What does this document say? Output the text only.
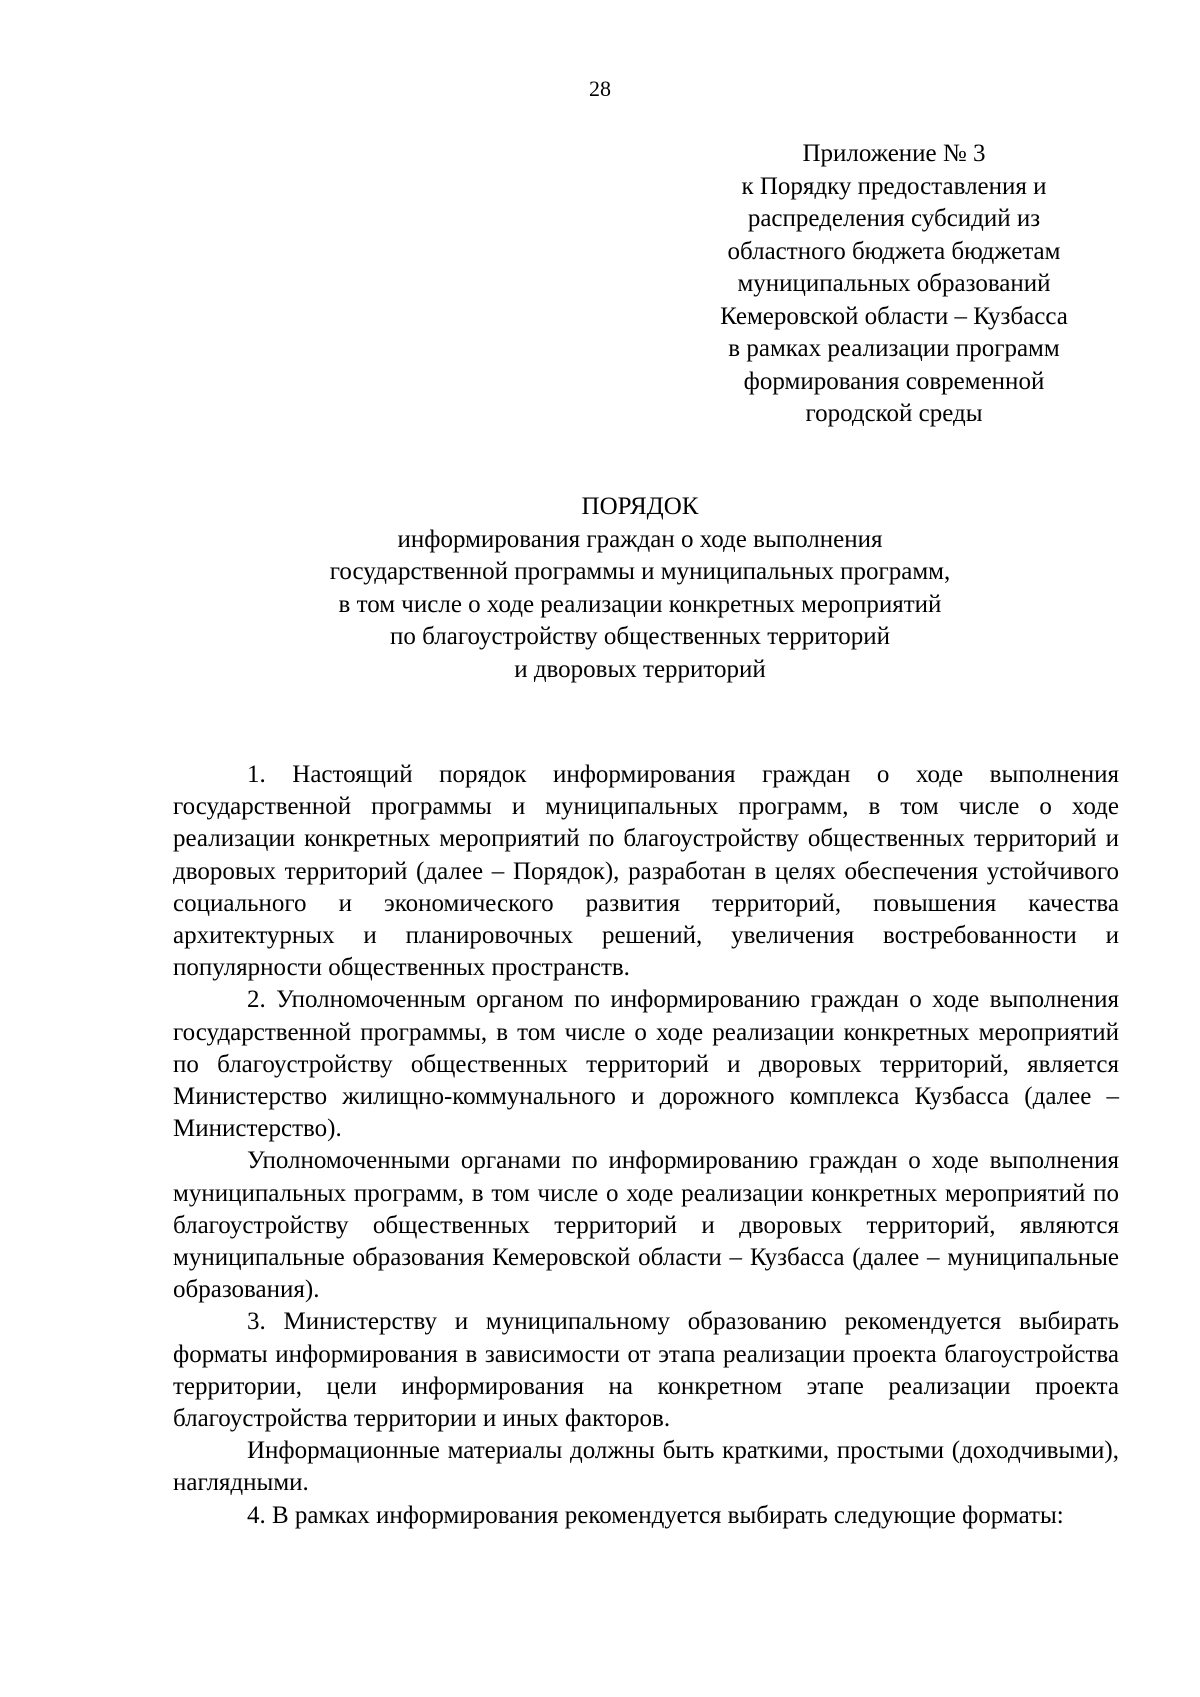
28
Приложение № 3
к Порядку предоставления и
распределения субсидий из
областного бюджета бюджетам
муниципальных образований
Кемеровской области – Кузбасса
в рамках реализации программ
формирования современной
городской среды
ПОРЯДОК
информирования граждан о ходе выполнения
государственной программы и муниципальных программ,
в том числе о ходе реализации конкретных мероприятий
по благоустройству общественных территорий
и дворовых территорий

1. Настоящий порядок информирования граждан о ходе выполнения государственной программы и муниципальных программ, в том числе о ходе реализации конкретных мероприятий по благоустройству общественных территорий и дворовых территорий (далее – Порядок), разработан в целях обеспечения устойчивого социального и экономического развития территорий, повышения качества архитектурных и планировочных решений, увеличения востребованности и популярности общественных пространств.

2. Уполномоченным органом по информированию граждан о ходе выполнения государственной программы, в том числе о ходе реализации конкретных мероприятий по благоустройству общественных территорий и дворовых территорий, является Министерство жилищно-коммунального и дорожного комплекса Кузбасса (далее – Министерство).

Уполномоченными органами по информированию граждан о ходе выполнения муниципальных программ, в том числе о ходе реализации конкретных мероприятий по благоустройству общественных территорий и дворовых территорий, являются муниципальные образования Кемеровской области – Кузбасса (далее – муниципальные образования).

3. Министерству и муниципальному образованию рекомендуется выбирать форматы информирования в зависимости от этапа реализации проекта благоустройства территории, цели информирования на конкретном этапе реализации проекта благоустройства территории и иных факторов.

Информационные материалы должны быть краткими, простыми (доходчивыми), наглядными.

4. В рамках информирования рекомендуется выбирать следующие форматы:
